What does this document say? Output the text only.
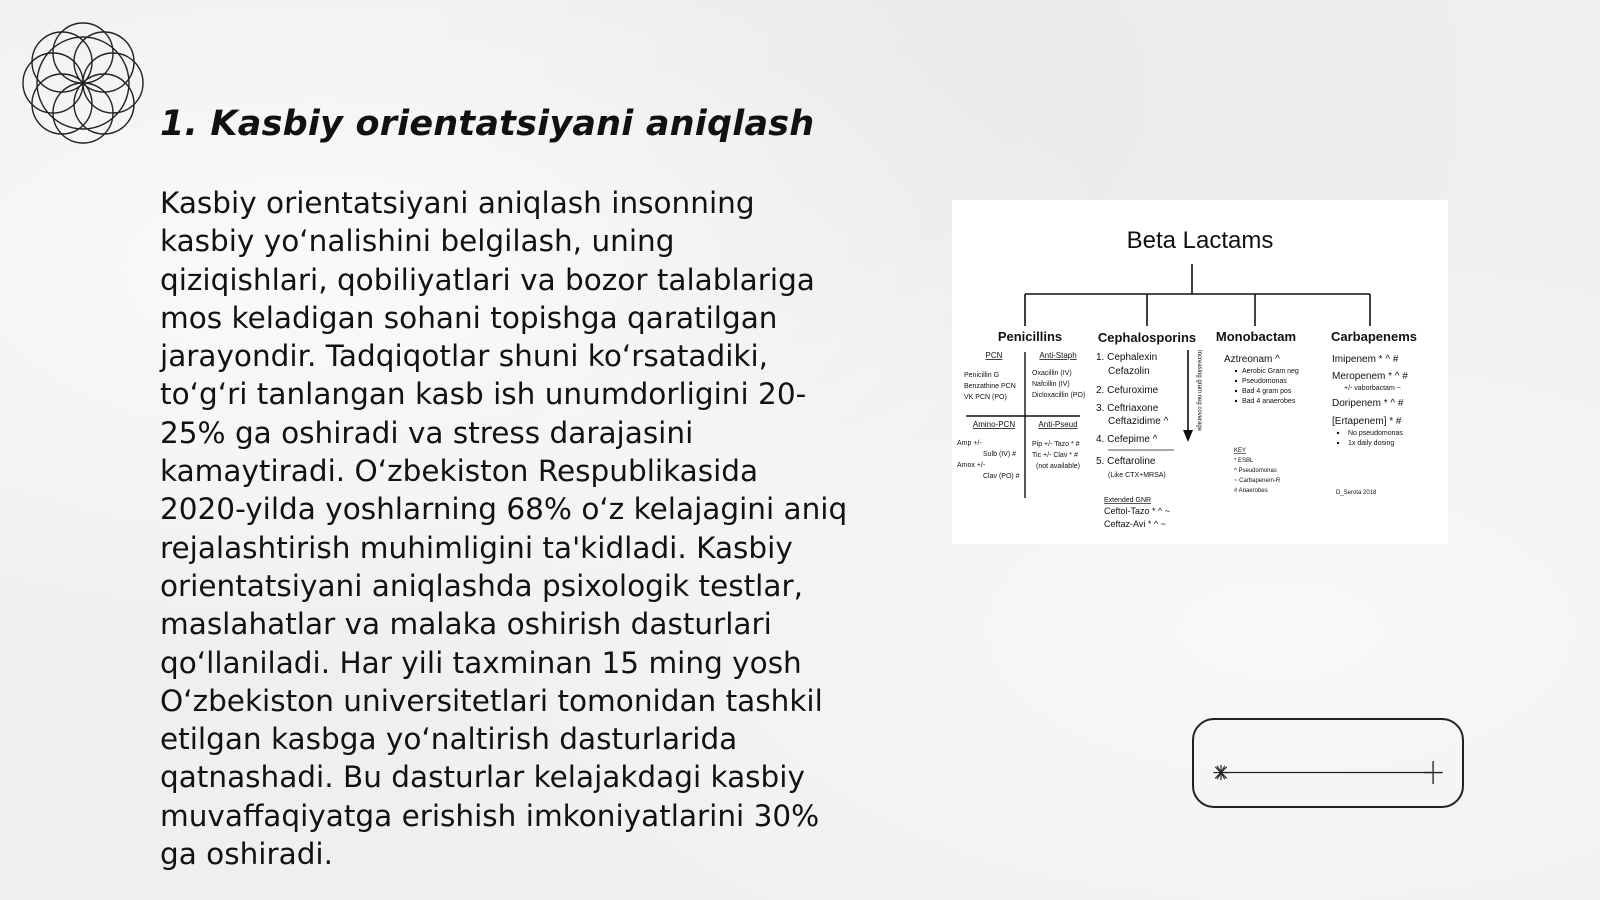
1. Kasbiy orientatsiyani aniqlash

Kasbiy orientatsiyani aniqlash insonning kasbiy yo‘nalishini belgilash, uning qiziqishlari, qobiliyatlari va bozor talablariga mos keladigan sohani topishga qaratilgan jarayondir. Tadqiqotlar shuni ko‘rsatadiki, to‘g‘ri tanlangan kasb ish unumdorligini 20-25% ga oshiradi va stress darajasini kamaytiradi. O‘zbekiston Respublikasida 2020-yilda yoshlarning 68% o‘z kelajagini aniq rejalashtirish muhimligini ta'kidladi. Kasbiy orientatsiyani aniqlashda psixologik testlar, maslahatlar va malaka oshirish dasturlari qo‘llaniladi. Har yili taxminan 15 ming yosh O‘zbekiston universitetlari tomonidan tashkil etilgan kasbga yo‘naltirish dasturlarida qatnashadi. Bu dasturlar kelajakdagi kasbiy muvaffaqiyatga erishish imkoniyatlarini 30% ga oshiradi.

Beta Lactams
Penicillins	Cephalosporins Monobactam	Carbapenems
PCN
Penicillin G
Benzathine PCN
VK PCN (PO)
Anti-Staph
Oxacillin (IV)
Nafcillin (IV)
Dicloxacillin (PO)
Amino-PCN
Amp +/-
Sulb (IV) #
Amox +/-
Clav (PO) #
Anti-Pseud
Pip +/- Tazo * #
Tic +/- Clav * #
(not available)
1. Cephalexin
Cefazolin
2. Cefuroxime
3. Ceftriaxone
Ceftazidime ^
4. Cefepime ^
5. Ceftaroline
(Like CTX+MRSA)
Increasing gram neg coverage
Extended GNR
Ceftol-Tazo * ^ ~
Ceftaz-Avi * ^ ~
Aztreonam ^
Aerobic Gram neg
Pseudomonas
Bad 4 gram pos
Bad 4 anaerobes
KEY
* ESBL
^ Pseudomonas
~ Carbapenem-R
# Anaerobes
Imipenem * ^ #
Meropenem * ^ #
+/- vaborbactam ~
Doripenem * ^ #
[Ertapenem] * #
No pseudomonas
1x daily dosing
D_Serota 2018
